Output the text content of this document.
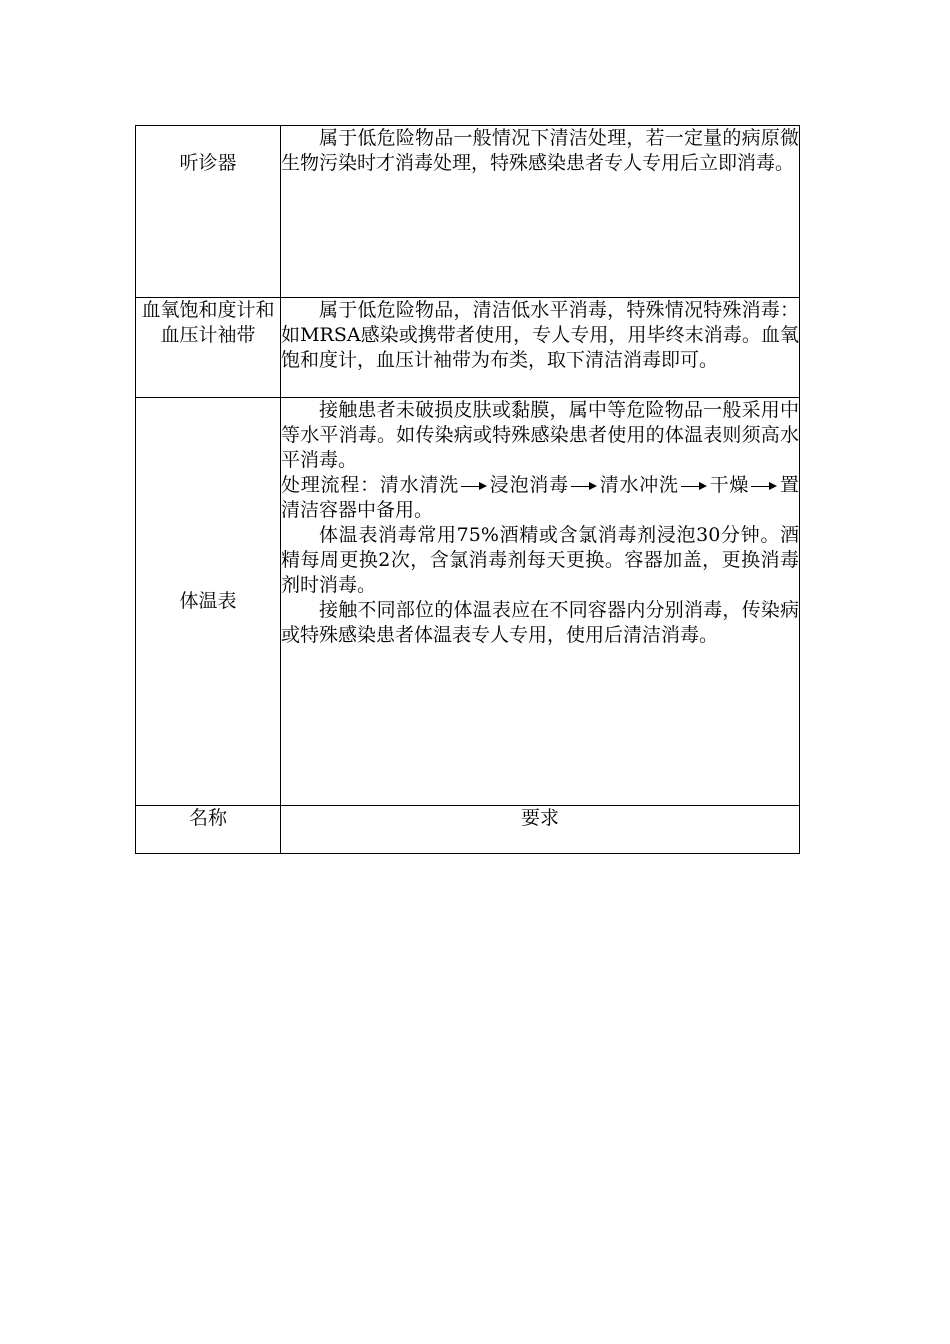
听诊器	属于低危险物品一般情况下清洁处理，若一定量的病原微生物污染时才消毒处理，特殊感染患者专人专用后立即消毒。

血氧饱和度计和血压计袖带	属于低危险物品，清洁低水平消毒，特殊情况特殊消毒：如MRSA感染或携带者使用，专人专用，用毕终末消毒。血氧饱和度计，血压计袖带为布类，取下清洁消毒即可。

体温表	接触患者未破损皮肤或黏膜，属中等危险物品一般采用中等水平消毒。如传染病或特殊感染患者使用的体温表则须高水平消毒。

处理流程：清水清洗 浸泡消毒 清水冲洗 干燥 置清洁容器中备用。

体温表消毒常用75%酒精或含氯消毒剂浸泡30分钟。酒精每周更换2次，含氯消毒剂每天更换。容器加盖，更换消毒剂时消毒。

接触不同部位的体温表应在不同容器内分别消毒，传染病或特殊感染患者体温表专人专用，使用后清洁消毒。

名称	要求
